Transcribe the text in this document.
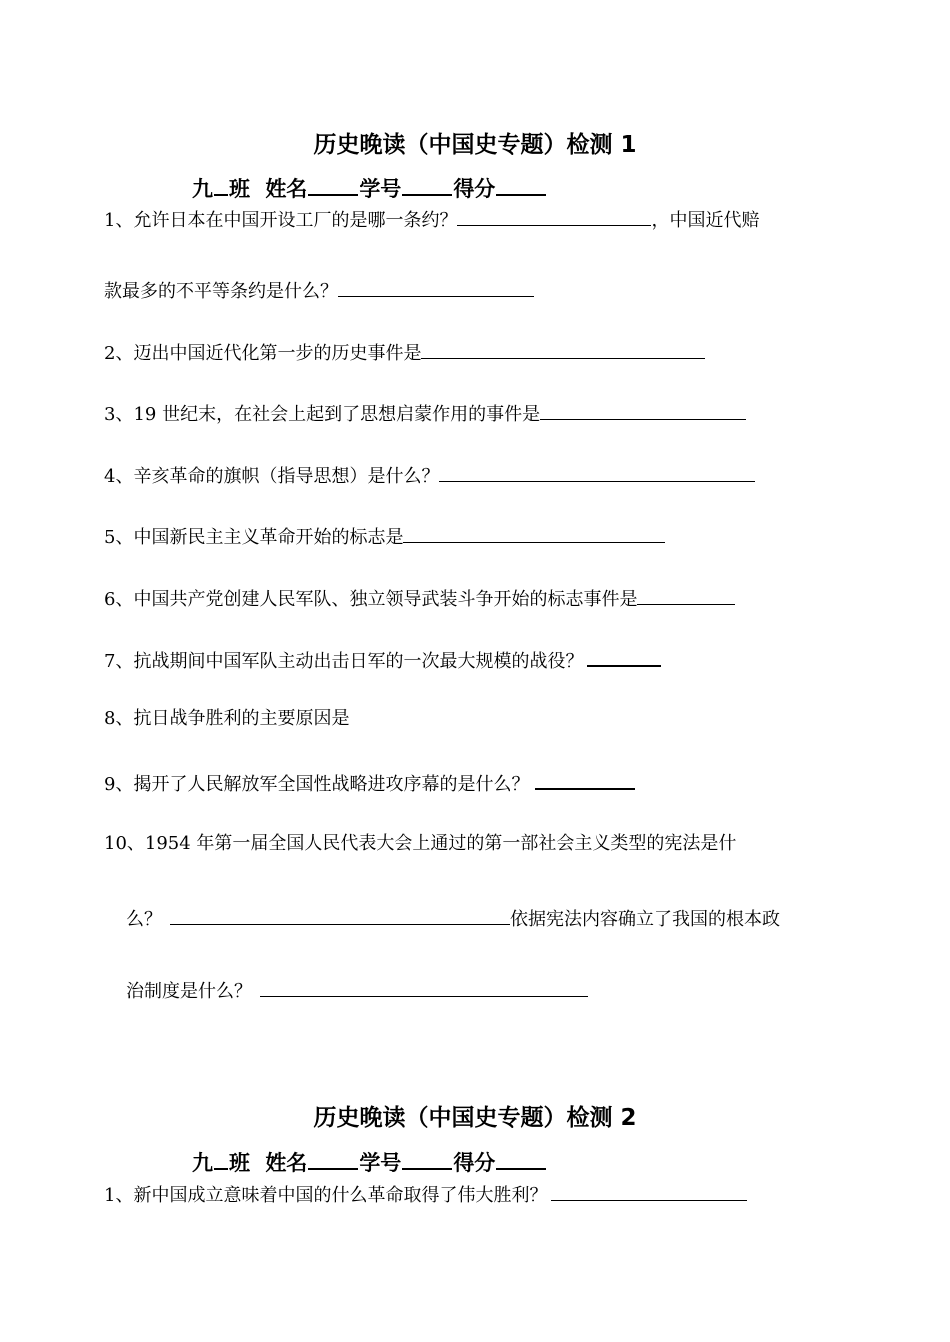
历史晚读（中国史专题）检测 1
九 班 姓名 学号 得分
1、允许日本在中国开设工厂的是哪一条约？	，中国近代赔
款最多的不平等条约是什么？
2、迈出中国近代化第一步的历史事件是
3、19 世纪末，在社会上起到了思想启蒙作用的事件是
4、辛亥革命的旗帜（指导思想）是什么？
5、中国新民主主义革命开始的标志是
6、中国共产党创建人民军队、独立领导武装斗争开始的标志事件是
7、抗战期间中国军队主动出击日军的一次最大规模的战役？
8、抗日战争胜利的主要原因是
9、揭开了人民解放军全国性战略进攻序幕的是什么？
10、1954 年第一届全国人民代表大会上通过的第一部社会主义类型的宪法是什
么？	依据宪法内容确立了我国的根本政
治制度是什么？
历史晚读（中国史专题）检测 2
九 班 姓名 学号 得分
1、新中国成立意味着中国的什么革命取得了伟大胜利？
